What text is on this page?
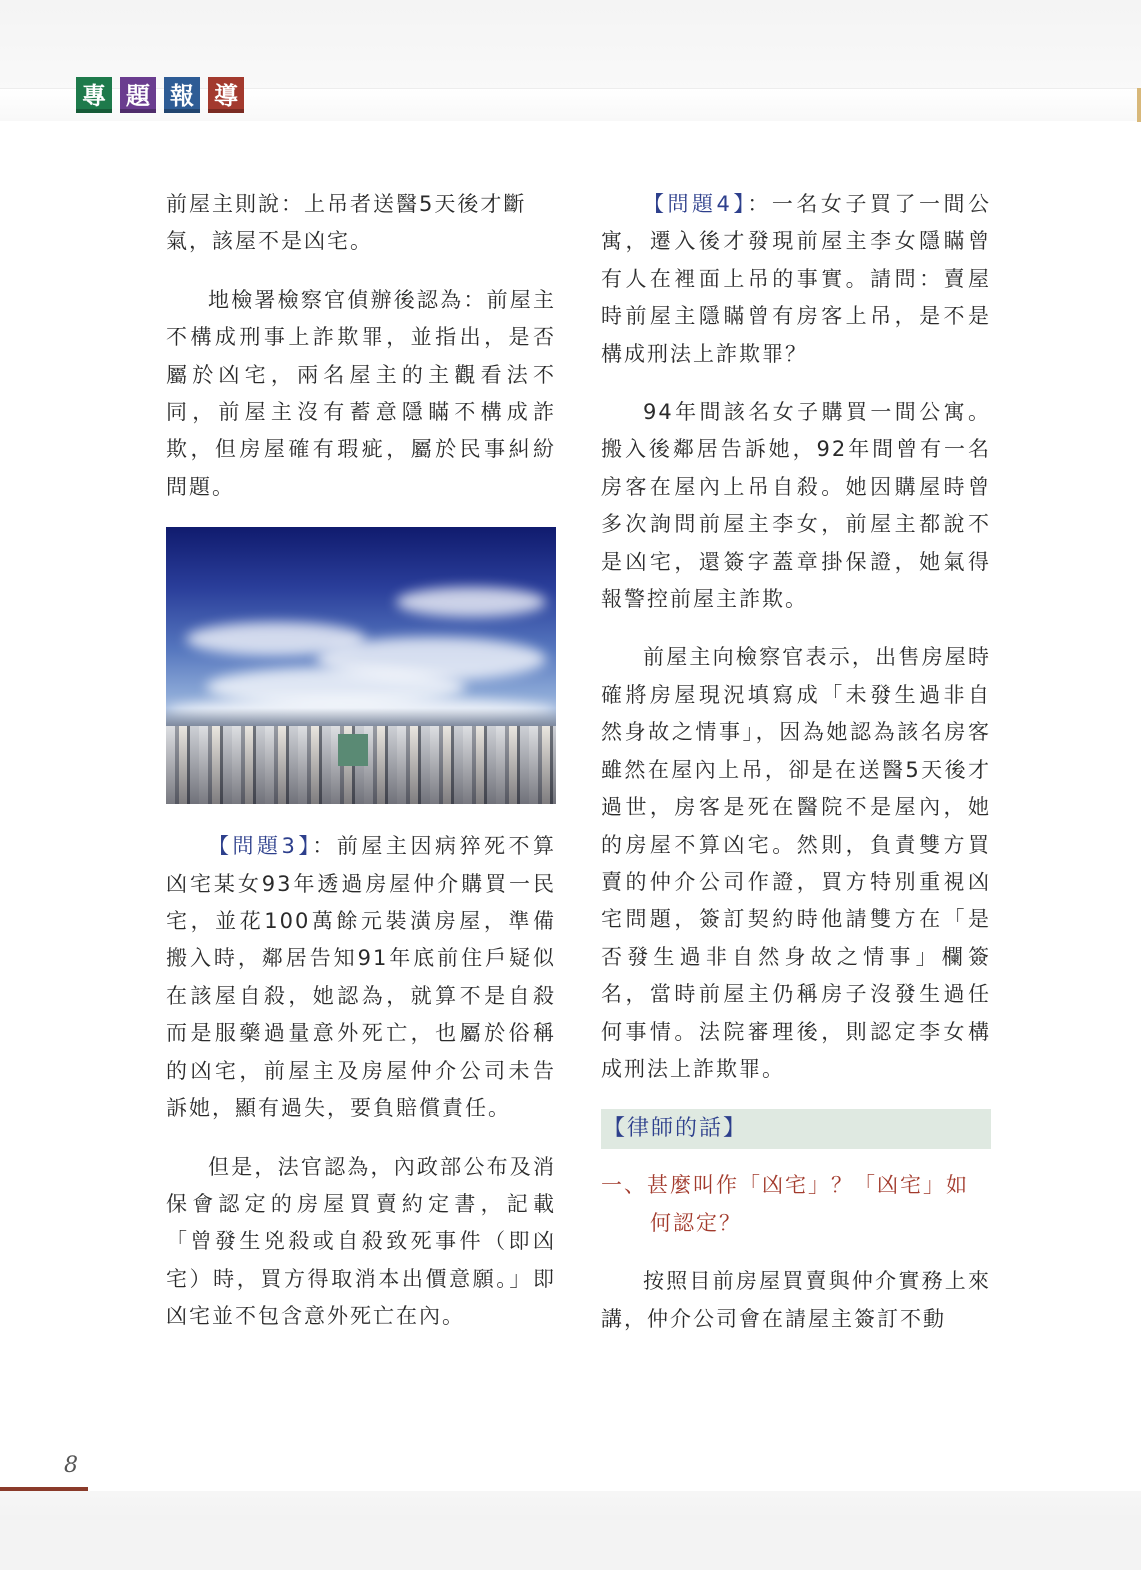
專 題 報 導

前屋主則說：上吊者送醫5天後才斷
氣，該屋不是凶宅。

地檢署檢察官偵辦後認為：前屋主不構成刑事上詐欺罪，並指出，是否屬於凶宅，兩名屋主的主觀看法不同，前屋主沒有蓄意隱瞞不構成詐欺，但房屋確有瑕疵，屬於民事糾紛問題。

【問題3】：前屋主因病猝死不算凶宅某女93年透過房屋仲介購買一民宅，並花100萬餘元裝潢房屋，準備搬入時，鄰居告知91年底前住戶疑似在該屋自殺，她認為，就算不是自殺而是服藥過量意外死亡，也屬於俗稱的凶宅，前屋主及房屋仲介公司未告訴她，顯有過失，要負賠償責任。

但是，法官認為，內政部公布及消保會認定的房屋買賣約定書，記載「曾發生兇殺或自殺致死事件（即凶宅）時，買方得取消本出價意願。」即凶宅並不包含意外死亡在內。

【問題4】：一名女子買了一間公寓，遷入後才發現前屋主李女隱瞞曾有人在裡面上吊的事實。請問：賣屋時前屋主隱瞞曾有房客上吊，是不是構成刑法上詐欺罪？

94年間該名女子購買一間公寓。搬入後鄰居告訴她，92年間曾有一名房客在屋內上吊自殺。她因購屋時曾多次詢問前屋主李女，前屋主都說不是凶宅，還簽字蓋章掛保證，她氣得報警控前屋主詐欺。

前屋主向檢察官表示，出售房屋時確將房屋現況填寫成「未發生過非自然身故之情事」，因為她認為該名房客雖然在屋內上吊，卻是在送醫5天後才過世，房客是死在醫院不是屋內，她的房屋不算凶宅。然則，負責雙方買賣的仲介公司作證，買方特別重視凶宅問題，簽訂契約時他請雙方在「是否發生過非自然身故之情事」欄簽名，當時前屋主仍稱房子沒發生過任何事情。法院審理後，則認定李女構成刑法上詐欺罪。

【律師的話】
一、甚麼叫作「凶宅」？「凶宅」如
何認定？

按照目前房屋買賣與仲介實務上來講，仲介公司會在請屋主簽訂不動

8
